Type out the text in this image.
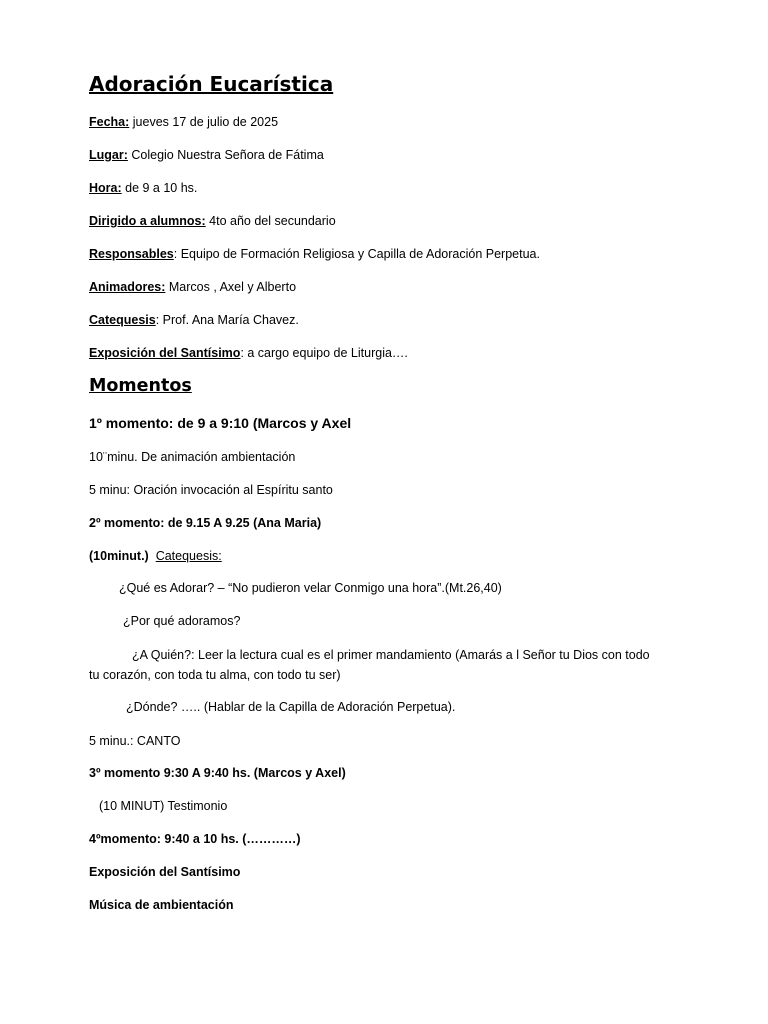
Adoración Eucarística
Fecha: jueves 17 de julio de 2025
Lugar: Colegio Nuestra Señora de Fátima
Hora: de 9 a 10 hs.
Dirigido a alumnos: 4to año del secundario
Responsables: Equipo de Formación Religiosa y Capilla de Adoración Perpetua.
Animadores: Marcos , Axel y Alberto
Catequesis: Prof. Ana María Chavez.
Exposición del Santísimo: a cargo equipo de Liturgia….
Momentos
1º momento: de 9 a 9:10 (Marcos y Axel
10¨minu. De animación ambientación
5 minu: Oración invocación al Espíritu santo
2º momento: de 9.15 A 9.25 (Ana Maria)
(10minut.) Catequesis:
¿Qué es Adorar? – “No pudieron velar Conmigo una hora”.(Mt.26,40)
¿Por qué adoramos?
¿A Quién?: Leer la lectura cual es el primer mandamiento (Amarás a l Señor tu Dios con todo
tu corazón, con toda tu alma, con todo tu ser)
¿Dónde? ….. (Hablar de la Capilla de Adoración Perpetua).
5 minu.: CANTO
3º momento 9:30 A 9:40 hs. (Marcos y Axel)
(10 MINUT) Testimonio
4ºmomento: 9:40 a 10 hs. (…………)
Exposición del Santísimo
Música de ambientación
